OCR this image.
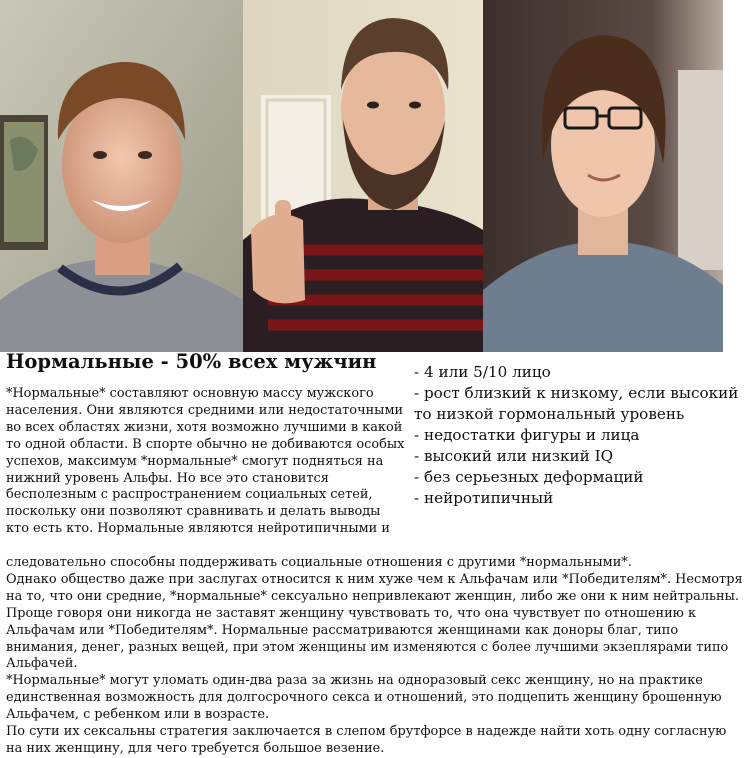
Нормальные - 50% всех мужчин - 4 или 5/10 лицо
- рост близкий к низкому, если высокий то низкой гормональный уровень
- недостатки фигуры и лица
- высокий или низкий IQ
- без серьезных деформаций
- нейротипичный

*Нормальные* составляют основную массу мужского населения. Они являются средними или недостаточными во всех областях жизни, хотя возможно лучшими в какой то одной области. В спорте обычно не добиваются особых успехов, максимум *нормальные* смогут подняться на нижний уровень Альфы. Но все это становится бесполезным с распространением социальных сетей, поскольку они позволяют сравнивать и делать выводы кто есть кто. Нормальные являются нейротипичными и

следовательно способны поддерживать социальные отношения с другими *нормальными*.

Однако общество даже при заслугах относится к ним хуже чем к Альфачам или *Победителям*. Несмотря на то, что они средние, *нормальные* сексуально непривлекают женщин, либо же они к ним нейтральны.

Проще говоря они никогда не заставят женщину чувствовать то, что она чувствует по отношению к Альфачам или *Победителям*. Нормальные рассматриваются женщинами как доноры благ, типо внимания, денег, разных вещей, при этом женщины им изменяются с более лучшими экзеплярами типо Альфачей.

*Нормальные* могут уломать один-два раза за жизнь на одноразовый секс женщину, но на практике единственная возможность для долгосрочного секса и отношений, это подцепить женщину брошенную Альфачем, с ребенком или в возрасте.

По сути их сексальны стратегия заключается в слепом брутфорсе в надежде найти хоть одну согласную на них женщину, для чего требуется большое везение.
